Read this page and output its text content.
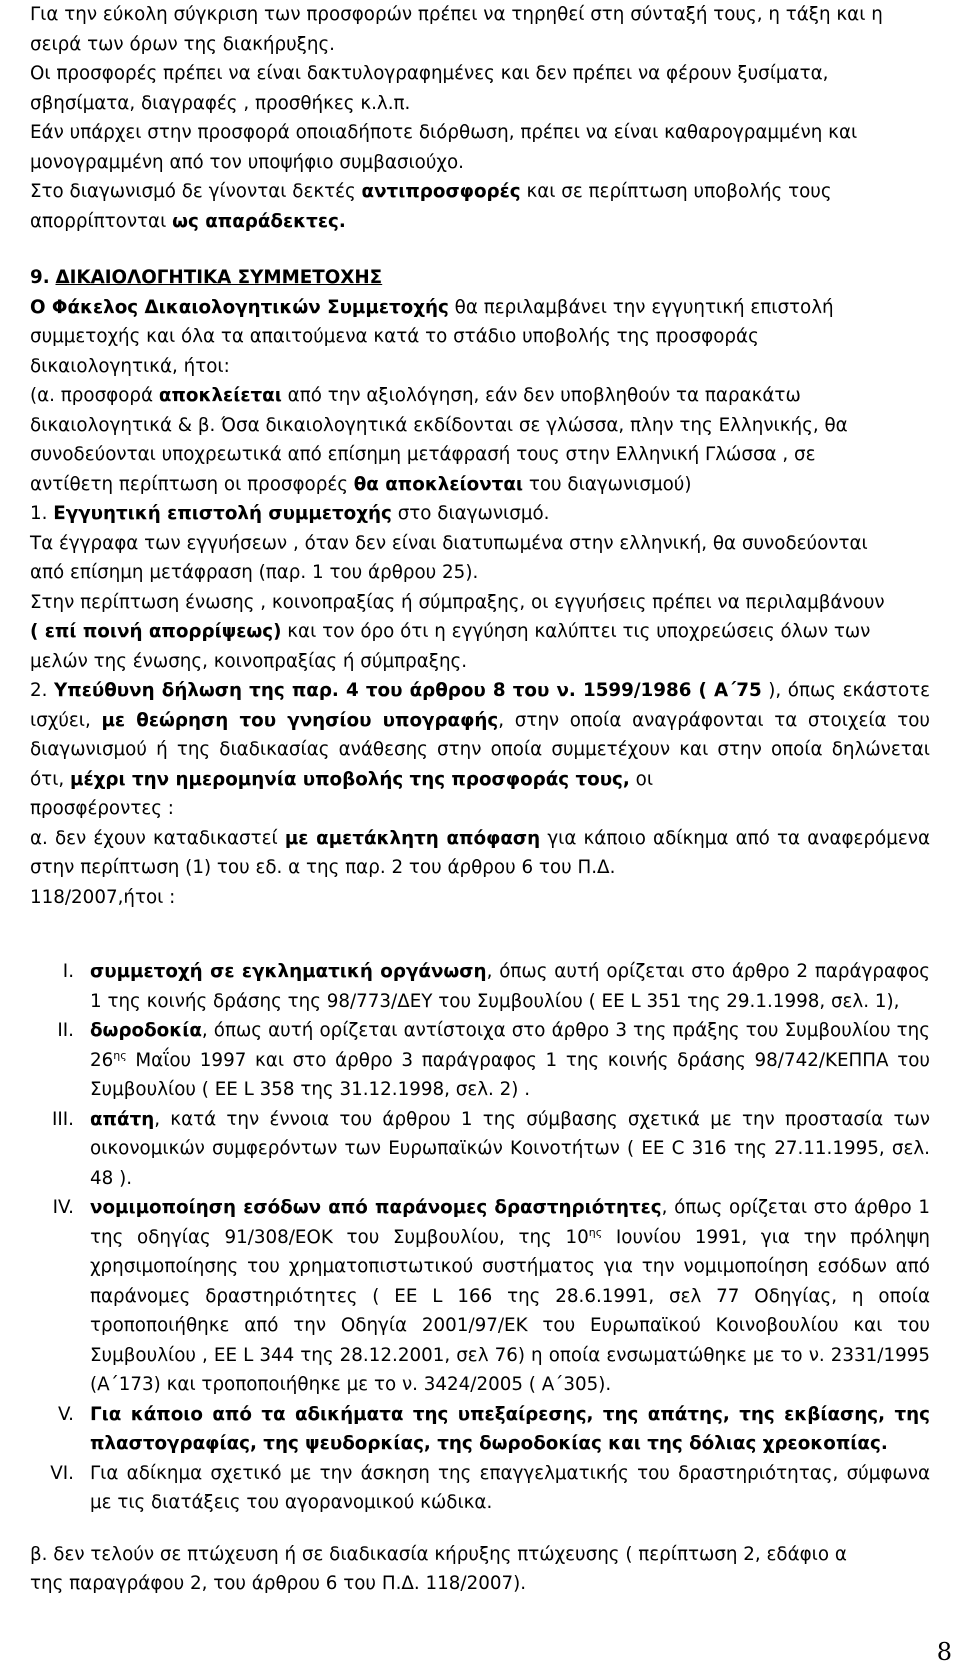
Για την εύκολη σύγκριση των προσφορών πρέπει να τηρηθεί στη σύνταξή τους, η τάξη και η

σειρά των όρων της διακήρυξης.

Οι προσφορές πρέπει να είναι δακτυλογραφημένες και δεν πρέπει να φέρουν ξυσίματα,

σβησίματα, διαγραφές , προσθήκες κ.λ.π.

Εάν υπάρχει στην προσφορά οποιαδήποτε διόρθωση, πρέπει να είναι καθαρογραμμένη και

μονογραμμένη από τον υποψήφιο συμβασιούχο.

Στο διαγωνισμό δε γίνονται δεκτές αντιπροσφορές και σε περίπτωση υποβολής τους

απορρίπτονται ως απαράδεκτες.

9. ΔΙΚΑΙΟΛΟΓΗΤΙΚΑ ΣΥΜΜΕΤΟΧΗΣ

Ο Φάκελος Δικαιολογητικών Συμμετοχής θα περιλαμβάνει την εγγυητική επιστολή

συμμετοχής και όλα τα απαιτούμενα κατά το στάδιο υποβολής της προσφοράς

δικαιολογητικά, ήτοι:

(α. προσφορά αποκλείεται από την αξιολόγηση, εάν δεν υποβληθούν τα παρακάτω

δικαιολογητικά & β. Όσα δικαιολογητικά εκδίδονται σε γλώσσα, πλην της Ελληνικής, θα

συνοδεύονται υποχρεωτικά από επίσημη μετάφρασή τους στην Ελληνική Γλώσσα , σε

αντίθετη περίπτωση οι προσφορές θα αποκλείονται του διαγωνισμού)

1. Εγγυητική επιστολή συμμετοχής στο διαγωνισμό.

Τα έγγραφα των εγγυήσεων , όταν δεν είναι διατυπωμένα στην ελληνική, θα συνοδεύονται

από επίσημη μετάφραση (παρ. 1 του άρθρου 25).

Στην περίπτωση ένωσης , κοινοπραξίας ή σύμπραξης, οι εγγυήσεις πρέπει να περιλαμβάνουν

( επί ποινή απορρίψεως) και τον όρο ότι η εγγύηση καλύπτει τις υποχρεώσεις όλων των

μελών της ένωσης, κοινοπραξίας ή σύμπραξης.

2. Υπεύθυνη δήλωση της παρ. 4 του άρθρου 8 του ν. 1599/1986 ( Α΄75 ), όπως εκάστοτε ισχύει, με θεώρηση του γνησίου υπογραφής, στην οποία αναγράφονται τα στοιχεία του διαγωνισμού ή της διαδικασίας ανάθεσης στην οποία συμμετέχουν και στην οποία δηλώνεται ότι, μέχρι την ημερομηνία υποβολής της προσφοράς τους, οι
προσφέροντες :
α. δεν έχουν καταδικαστεί με αμετάκλητη απόφαση για κάποιο αδίκημα από τα αναφερόμενα στην περίπτωση (1) του εδ. α της παρ. 2 του άρθρου 6 του Π.Δ.
118/2007,ήτοι :
I. συμμετοχή σε εγκληματική οργάνωση, όπως αυτή ορίζεται στο άρθρο 2 παράγραφος 1 της κοινής δράσης της 98/773/ΔΕΥ του Συμβουλίου ( ΕΕ L 351 της 29.1.1998, σελ. 1),
II. δωροδοκία, όπως αυτή ορίζεται αντίστοιχα στο άρθρο 3 της πράξης του Συμβουλίου της $26^{\eta\varsigma}$ Μαΐου 1997 και στο άρθρο 3 παράγραφος 1 της κοινής δράσης 98/742/ΚΕΠΠΑ του Συμβουλίου ( ΕΕ L 358 της 31.12.1998, σελ. 2) .
III. απάτη, κατά την έννοια του άρθρου 1 της σύμβασης σχετικά με την προστασία των οικονομικών συμφερόντων των Ευρωπαϊκών Κοινοτήτων ( ΕΕ C 316 της 27.11.1995, σελ. 48 ).
IV. νομιμοποίηση εσόδων από παράνομες δραστηριότητες, όπως ορίζεται στο άρθρο 1 της οδηγίας 91/308/ΕΟΚ του Συμβουλίου, της $10^{\eta\varsigma}$ Ιουνίου 1991, για την πρόληψη χρησιμοποίησης του χρηματοπιστωτικού συστήματος για την νομιμοποίηση εσόδων από παράνομες δραστηριότητες ( ΕΕ L 166 της 28.6.1991, σελ 77 Οδηγίας, η οποία τροποποιήθηκε από την Οδηγία 2001/97/ΕΚ του Ευρωπαϊκού Κοινοβουλίου και του Συμβουλίου , ΕΕ L 344 της 28.12.2001, σελ 76) η οποία ενσωματώθηκε με το ν. 2331/1995 (Α΄173) και τροποποιήθηκε με το ν. 3424/2005 ( Α΄305).
V. Για κάποιο από τα αδικήματα της υπεξαίρεσης, της απάτης, της εκβίασης, της πλαστογραφίας, της ψευδορκίας, της δωροδοκίας και της δόλιας χρεοκοπίας.
VI. Για αδίκημα σχετικό με την άσκηση της επαγγελματικής του δραστηριότητας, σύμφωνα με τις διατάξεις του αγορανομικού κώδικα.

β. δεν τελούν σε πτώχευση ή σε διαδικασία κήρυξης πτώχευσης ( περίπτωση 2, εδάφιο α

της παραγράφου 2, του άρθρου 6 του Π.Δ. 118/2007).

8
